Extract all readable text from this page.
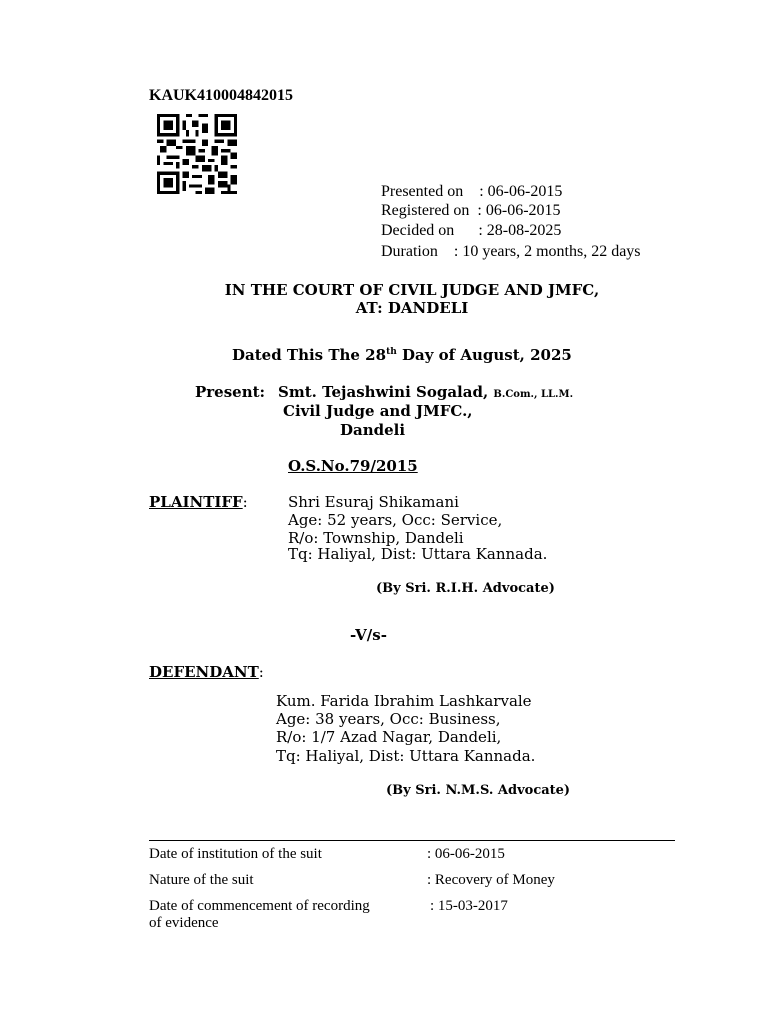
KAUK410004842015
Presented on    : 06-06-2015
Registered on  : 06-06-2015
Decided on      : 28-08-2025
Duration    : 10 years, 2 months, 22 days
IN THE COURT OF CIVIL JUDGE AND JMFC,
AT: DANDELI
Dated This The 28th Day of August, 2025
Present: Smt. Tejashwini Sogalad, B.Com., LL.M.
Civil Judge and JMFC.,
Dandeli
O.S.No.79/2015
PLAINTIFF:	Shri Esuraj Shikamani
Age: 52 years, Occ: Service,
R/o: Township, Dandeli
Tq: Haliyal, Dist: Uttara Kannada.
(By Sri. R.I.H. Advocate)
-V/s-
DEFENDANT:
Kum. Farida Ibrahim Lashkarvale
Age: 38 years, Occ: Business,
R/o: 1/7 Azad Nagar, Dandeli,
Tq: Haliyal, Dist: Uttara Kannada.
(By Sri. N.M.S. Advocate)
Date of institution of the suit	: 06-06-2015
Nature of the suit	: Recovery of Money
Date of commencement of recording
of evidence
: 15-03-2017
